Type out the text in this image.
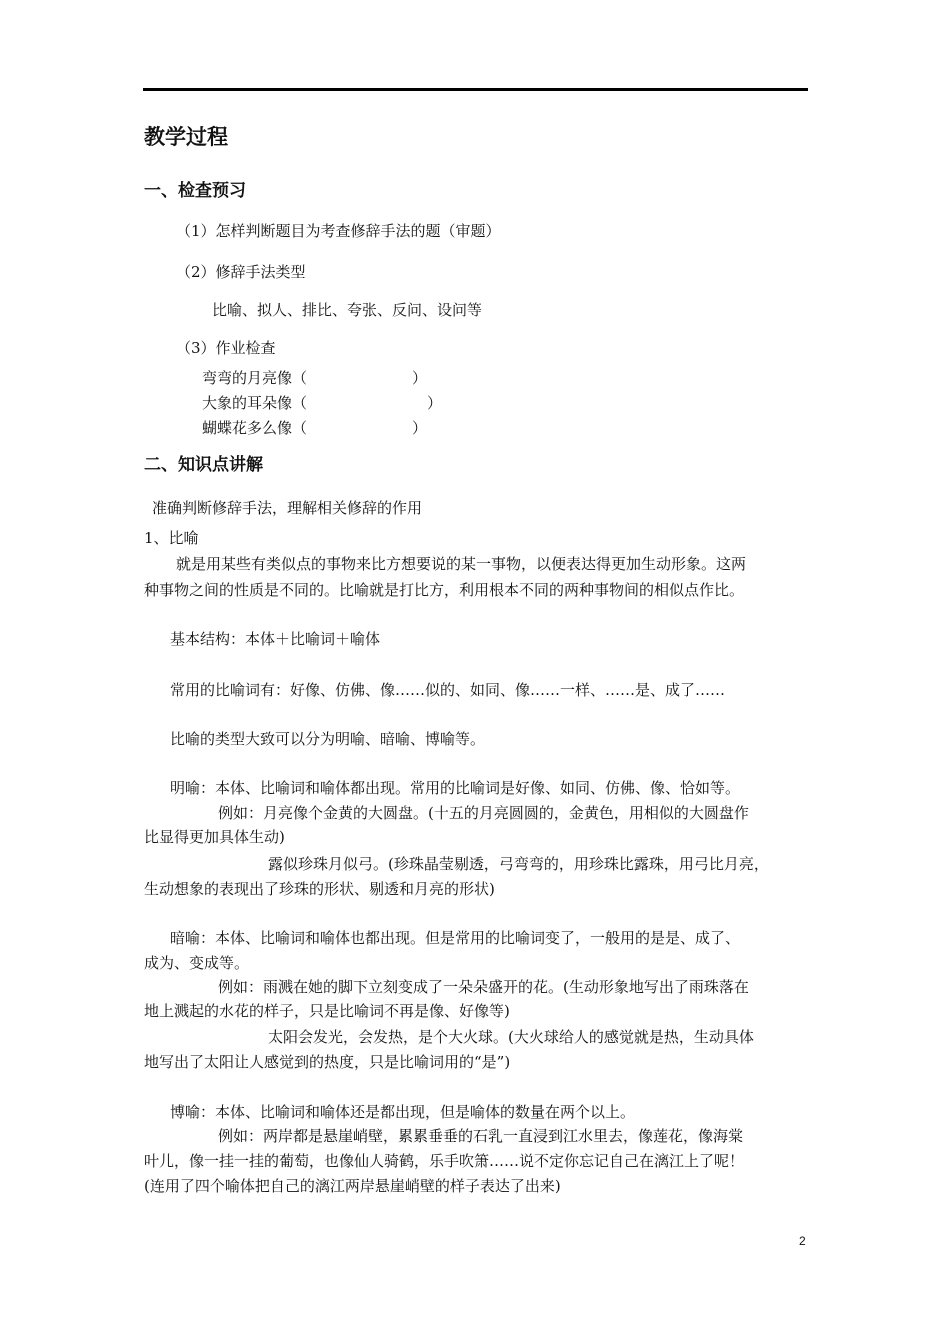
教学过程
一、检查预习
（1）怎样判断题目为考查修辞手法的题（审题）
（2）修辞手法类型
比喻、拟人、排比、夸张、反问、设问等
（3）作业检查
弯弯的月亮像（　　　　　　　）
大象的耳朵像（　　　　　　　　）
蝴蝶花多么像（　　　　　　　）
二、知识点讲解
准确判断修辞手法，理解相关修辞的作用
1、比喻
就是用某些有类似点的事物来比方想要说的某一事物，以便表达得更加生动形象。这两
种事物之间的性质是不同的。比喻就是打比方，利用根本不同的两种事物间的相似点作比。
基本结构：本体＋比喻词＋喻体
常用的比喻词有：好像、仿佛、像……似的、如同、像……一样、……是、成了……
比喻的类型大致可以分为明喻、暗喻、博喻等。
明喻：本体、比喻词和喻体都出现。常用的比喻词是好像、如同、仿佛、像、恰如等。
例如：月亮像个金黄的大圆盘。(十五的月亮圆圆的，金黄色，用相似的大圆盘作
比显得更加具体生动)
露似珍珠月似弓。(珍珠晶莹剔透，弓弯弯的，用珍珠比露珠，用弓比月亮，
生动想象的表现出了珍珠的形状、剔透和月亮的形状)
暗喻：本体、比喻词和喻体也都出现。但是常用的比喻词变了，一般用的是是、成了、
成为、变成等。
例如：雨溅在她的脚下立刻变成了一朵朵盛开的花。(生动形象地写出了雨珠落在
地上溅起的水花的样子，只是比喻词不再是像、好像等)
太阳会发光，会发热，是个大火球。(大火球给人的感觉就是热，生动具体
地写出了太阳让人感觉到的热度，只是比喻词用的“是”)
博喻：本体、比喻词和喻体还是都出现，但是喻体的数量在两个以上。
例如：两岸都是悬崖峭壁，累累垂垂的石乳一直浸到江水里去，像莲花，像海棠
叶儿，像一挂一挂的葡萄，也像仙人骑鹤，乐手吹箫……说不定你忘记自己在漓江上了呢！
(连用了四个喻体把自己的漓江两岸悬崖峭壁的样子表达了出来)
2
